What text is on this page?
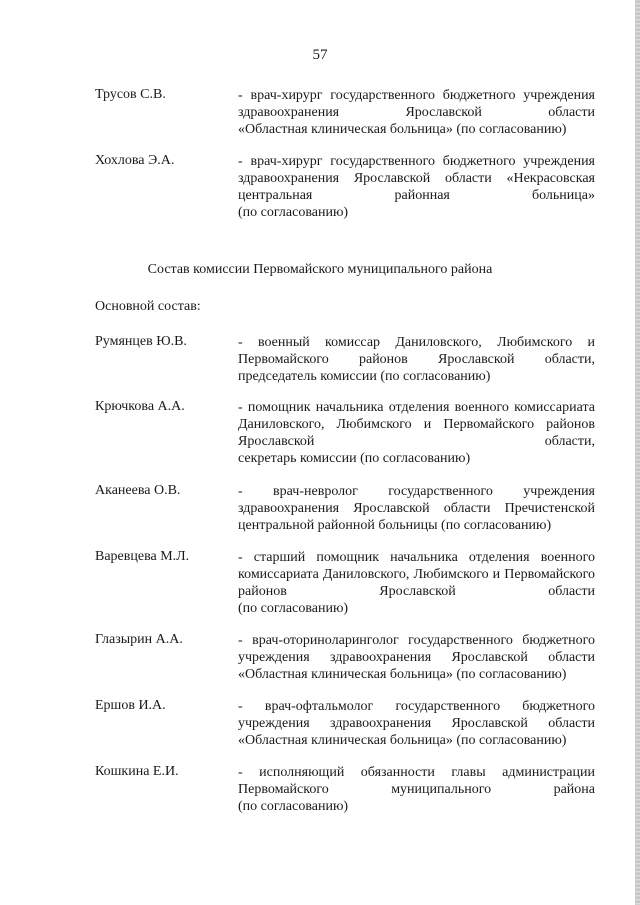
57
Трусов С.В.	- врач-хирург государственного бюджетного учреждения здравоохранения Ярославской области
«Областная клиническая больница» (по согласованию)
Хохлова Э.А.	- врач-хирург государственного бюджетного учреждения здравоохранения Ярославской области «Некрасовская центральная районная больница»
(по согласованию)
Состав комиссии Первомайского муниципального района
Основной состав:
Румянцев Ю.В.	- военный комиссар Даниловского, Любимского и Первомайского районов Ярославской области,
председатель комиссии (по согласованию)
Крючкова А.А.	- помощник начальника отделения военного комиссариата Даниловского, Любимского и Первомайского районов Ярославской области,
секретарь комиссии (по согласованию)
Аканеева О.В.	- врач-невролог государственного учреждения здравоохранения Ярославской области Пречистенской
центральной районной больницы (по согласованию)
Варевцева М.Л.	- старший помощник начальника отделения военного комиссариата Даниловского, Любимского и Первомайского районов Ярославской области
(по согласованию)
Глазырин А.А.	- врач-оториноларинголог государственного бюджетного учреждения здравоохранения Ярославской области
«Областная клиническая больница» (по согласованию)
Ершов И.А.	- врач-офтальмолог государственного бюджетного учреждения здравоохранения Ярославской области
«Областная клиническая больница» (по согласованию)
Кошкина Е.И.	- исполняющий обязанности главы администрации Первомайского муниципального района
(по согласованию)
